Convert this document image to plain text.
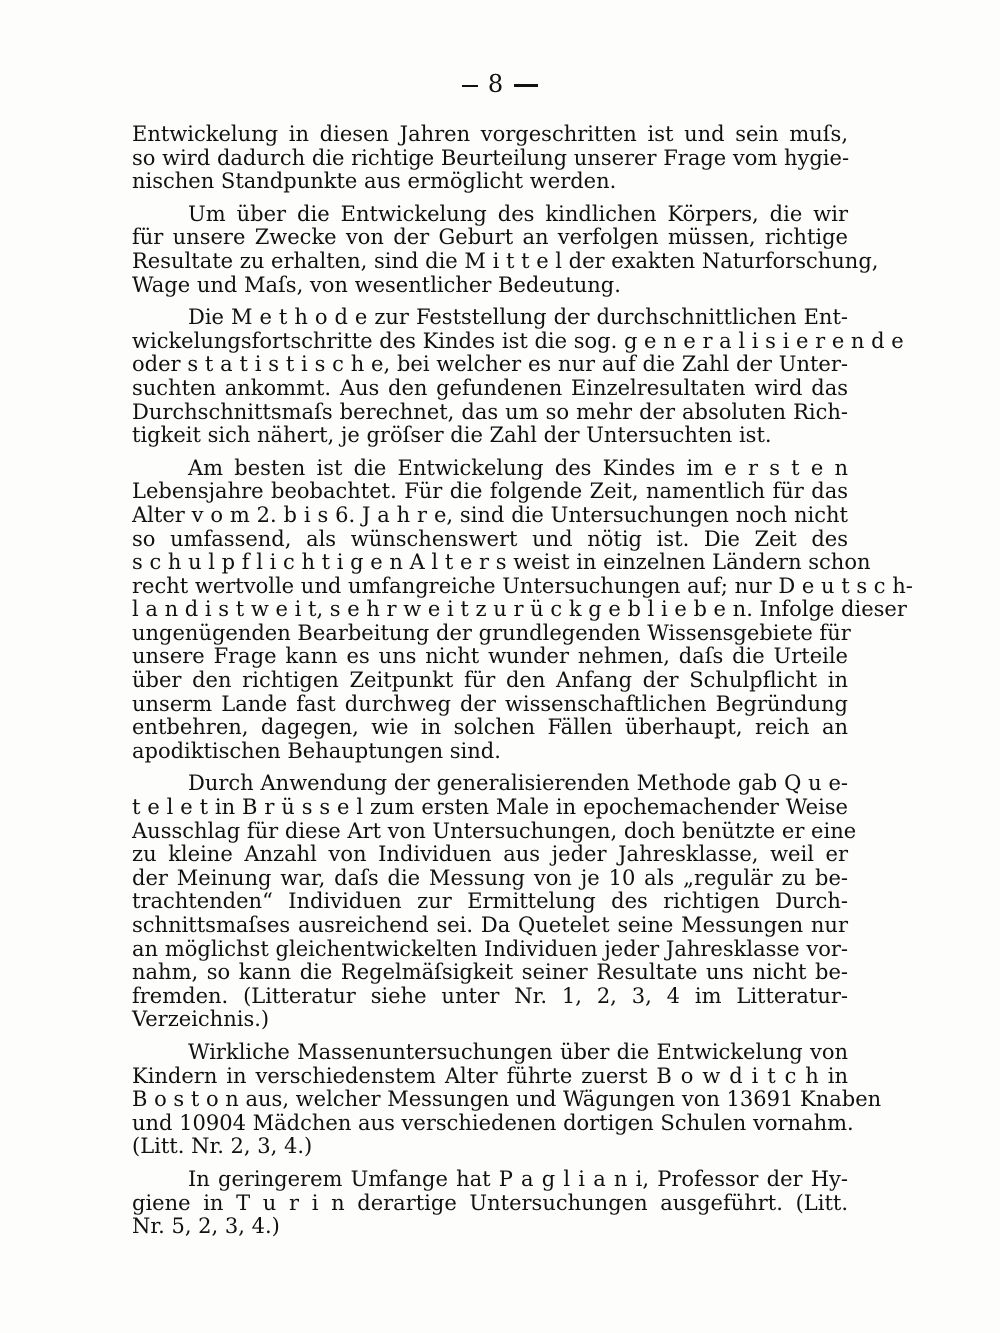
8
Entwickelung in diesen Jahren vorgeschritten ist und sein muſs,
so wird dadurch die richtige Beurteilung unserer Frage vom hygie-
nischen Standpunkte aus ermöglicht werden.
Um über die Entwickelung des kindlichen Körpers, die wir
für unsere Zwecke von der Geburt an verfolgen müssen, richtige
Resultate zu erhalten, sind die M i t t e l der exakten Naturforschung,
Wage und Maſs, von wesentlicher Bedeutung.
Die M e t h o d e zur Feststellung der durchschnittlichen Ent-
wickelungsfortschritte des Kindes ist die sog. g e n e r a l i s i e r e n d e
oder s t a t i s t i s c h e, bei welcher es nur auf die Zahl der Unter-
suchten ankommt. Aus den gefundenen Einzelresultaten wird das
Durchschnittsmaſs berechnet, das um so mehr der absoluten Rich-
tigkeit sich nähert, je gröſser die Zahl der Untersuchten ist.
Am besten ist die Entwickelung des Kindes im e r s t e n
Lebensjahre beobachtet. Für die folgende Zeit, namentlich für das
Alter v o m 2. b i s 6. J a h r e, sind die Untersuchungen noch nicht
so umfassend, als wünschenswert und nötig ist. Die Zeit des
s c h u l p f l i c h t i g e n A l t e r s weist in einzelnen Ländern schon
recht wertvolle und umfangreiche Untersuchungen auf; nur D e u t s c h-
l a n d i s t w e i t, s e h r w e i t z u r ü c k g e b l i e b e n. Infolge dieser
ungenügenden Bearbeitung der grundlegenden Wissensgebiete für
unsere Frage kann es uns nicht wunder nehmen, daſs die Urteile
über den richtigen Zeitpunkt für den Anfang der Schulpflicht in
unserm Lande fast durchweg der wissenschaftlichen Begründung
entbehren, dagegen, wie in solchen Fällen überhaupt, reich an
apodiktischen Behauptungen sind.
Durch Anwendung der generalisierenden Methode gab Q u e-
t e l e t in B r ü s s e l zum ersten Male in epochemachender Weise
Ausschlag für diese Art von Untersuchungen, doch benützte er eine
zu kleine Anzahl von Individuen aus jeder Jahresklasse, weil er
der Meinung war, daſs die Messung von je 10 als „regulär zu be-
trachtenden“ Individuen zur Ermittelung des richtigen Durch-
schnittsmaſses ausreichend sei. Da Quetelet seine Messungen nur
an möglichst gleichentwickelten Individuen jeder Jahresklasse vor-
nahm, so kann die Regelmäſsigkeit seiner Resultate uns nicht be-
fremden. (Litteratur siehe unter Nr. 1, 2, 3, 4 im Litteratur-
Verzeichnis.)
Wirkliche Massenuntersuchungen über die Entwickelung von
Kindern in verschiedenstem Alter führte zuerst B o w d i t c h in
B o s t o n aus, welcher Messungen und Wägungen von 13691 Knaben
und 10904 Mädchen aus verschiedenen dortigen Schulen vornahm.
(Litt. Nr. 2, 3, 4.)
In geringerem Umfange hat P a g l i a n i, Professor der Hy-
giene in T u r i n derartige Untersuchungen ausgeführt. (Litt.
Nr. 5, 2, 3, 4.)
